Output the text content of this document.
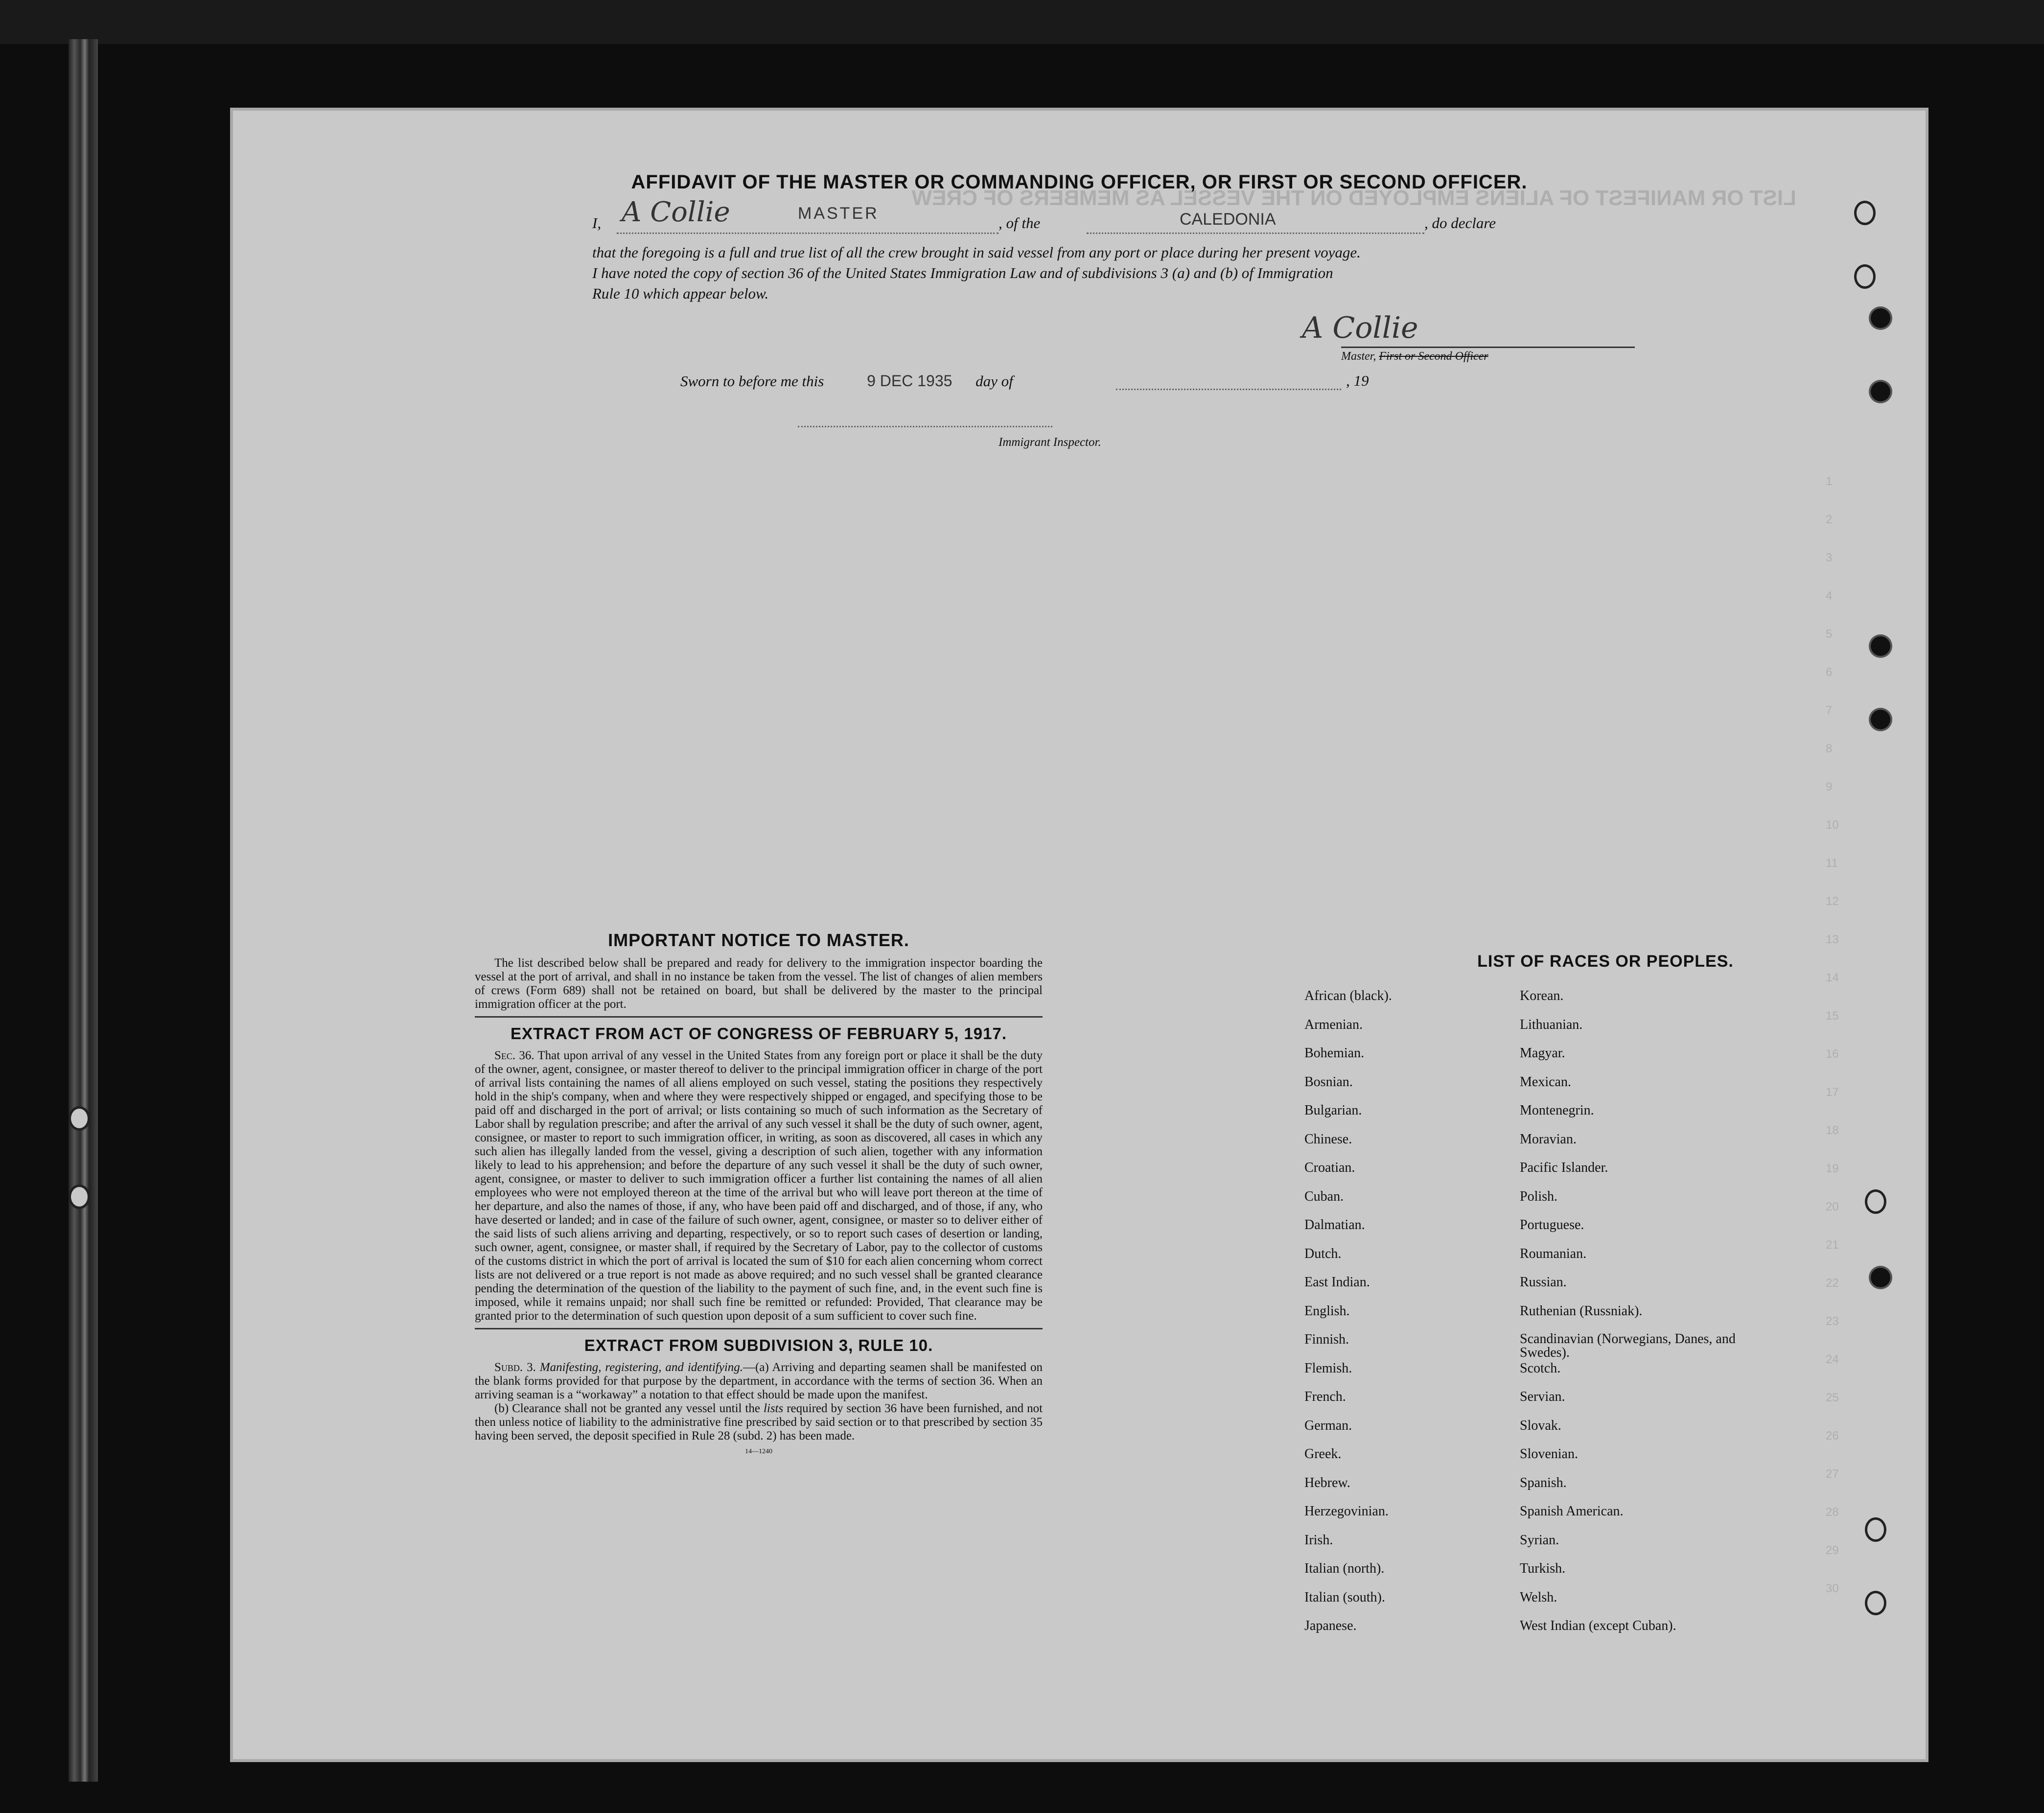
LIST OR MANIFEST OF ALIENS EMPLOYED ON THE VESSEL AS MEMBERS OF CREW
1
2
3
4
5
6
7
8
9
10
11
12
13
14
15
16
17
18
19
20
21
22
23
24
25
26
27
28
29
30
AFFIDAVIT OF THE MASTER OR COMMANDING OFFICER, OR FIRST OR SECOND OFFICER.
I, A Collie	MASTER
, of the	CALEDONIA	, do declare
that the foregoing is a full and true list of all the crew brought in said vessel from any port or place during her present voyage.
I have noted the copy of section 36 of the United States Immigration Law and of subdivisions 3 (a) and (b) of Immigration
Rule 10 which appear below.
A Collie
Master, First or Second Officer
Sworn to before me this	9 DEC 1935 day of	, 19
Immigrant Inspector.
IMPORTANT NOTICE TO MASTER.

The list described below shall be prepared and ready for delivery to the immigration inspector boarding the vessel at the port of arrival, and shall in no instance be taken from the vessel. The list of changes of alien members of crews (Form 689) shall not be retained on board, but shall be delivered by the master to the principal immigration officer at the port.

EXTRACT FROM ACT OF CONGRESS OF FEBRUARY 5, 1917.

Sec. 36. That upon arrival of any vessel in the United States from any foreign port or place it shall be the duty of the owner, agent, consignee, or master thereof to deliver to the principal immigration officer in charge of the port of arrival lists containing the names of all aliens employed on such vessel, stating the positions they respectively hold in the ship's company, when and where they were respectively shipped or engaged, and specifying those to be paid off and discharged in the port of arrival; or lists containing so much of such information as the Secretary of Labor shall by regulation prescribe; and after the arrival of any such vessel it shall be the duty of such owner, agent, consignee, or master to report to such immigration officer, in writing, as soon as discovered, all cases in which any such alien has illegally landed from the vessel, giving a description of such alien, together with any information likely to lead to his apprehension; and before the departure of any such vessel it shall be the duty of such owner, agent, consignee, or master to deliver to such immigration officer a further list containing the names of all alien employees who were not employed thereon at the time of the arrival but who will leave port thereon at the time of her departure, and also the names of those, if any, who have been paid off and discharged, and of those, if any, who have deserted or landed; and in case of the failure of such owner, agent, consignee, or master so to deliver either of the said lists of such aliens arriving and departing, respectively, or so to report such cases of desertion or landing, such owner, agent, consignee, or master shall, if required by the Secretary of Labor, pay to the collector of customs of the customs district in which the port of arrival is located the sum of $10 for each alien concerning whom correct lists are not delivered or a true report is not made as above required; and no such vessel shall be granted clearance pending the determination of the question of the liability to the payment of such fine, and, in the event such fine is imposed, while it remains unpaid; nor shall such fine be remitted or refunded: Provided, That clearance may be granted prior to the determination of such question upon deposit of a sum sufficient to cover such fine.

EXTRACT FROM SUBDIVISION 3, RULE 10.

Subd. 3. Manifesting, registering, and identifying.—(a) Arriving and departing seamen shall be manifested on the blank forms provided for that purpose by the department, in accordance with the terms of section 36. When an arriving seaman is a “workaway” a notation to that effect should be made upon the manifest.

(b) Clearance shall not be granted any vessel until the lists required by section 36 have been furnished, and not then unless notice of liability to the administrative fine prescribed by said section or to that prescribed by section 35 having been served, the deposit specified in Rule 28 (subd. 2) has been made.

14—1240
LIST OF RACES OR PEOPLES.
African (black).
Armenian.
Bohemian.
Bosnian.
Bulgarian.
Chinese.
Croatian.
Cuban.
Dalmatian.
Dutch.
East Indian.
English.
Finnish.
Flemish.
French.
German.
Greek.
Hebrew.
Herzegovinian.
Irish.
Italian (north).
Italian (south).
Japanese.
Korean.
Lithuanian.
Magyar.
Mexican.
Montenegrin.
Moravian.
Pacific Islander.
Polish.
Portuguese.
Roumanian.
Russian.
Ruthenian (Russniak).
Scandinavian (Norwegians, Danes, and Swedes).
Scotch.
Servian.
Slovak.
Slovenian.
Spanish.
Spanish American.
Syrian.
Turkish.
Welsh.
West Indian (except Cuban).
